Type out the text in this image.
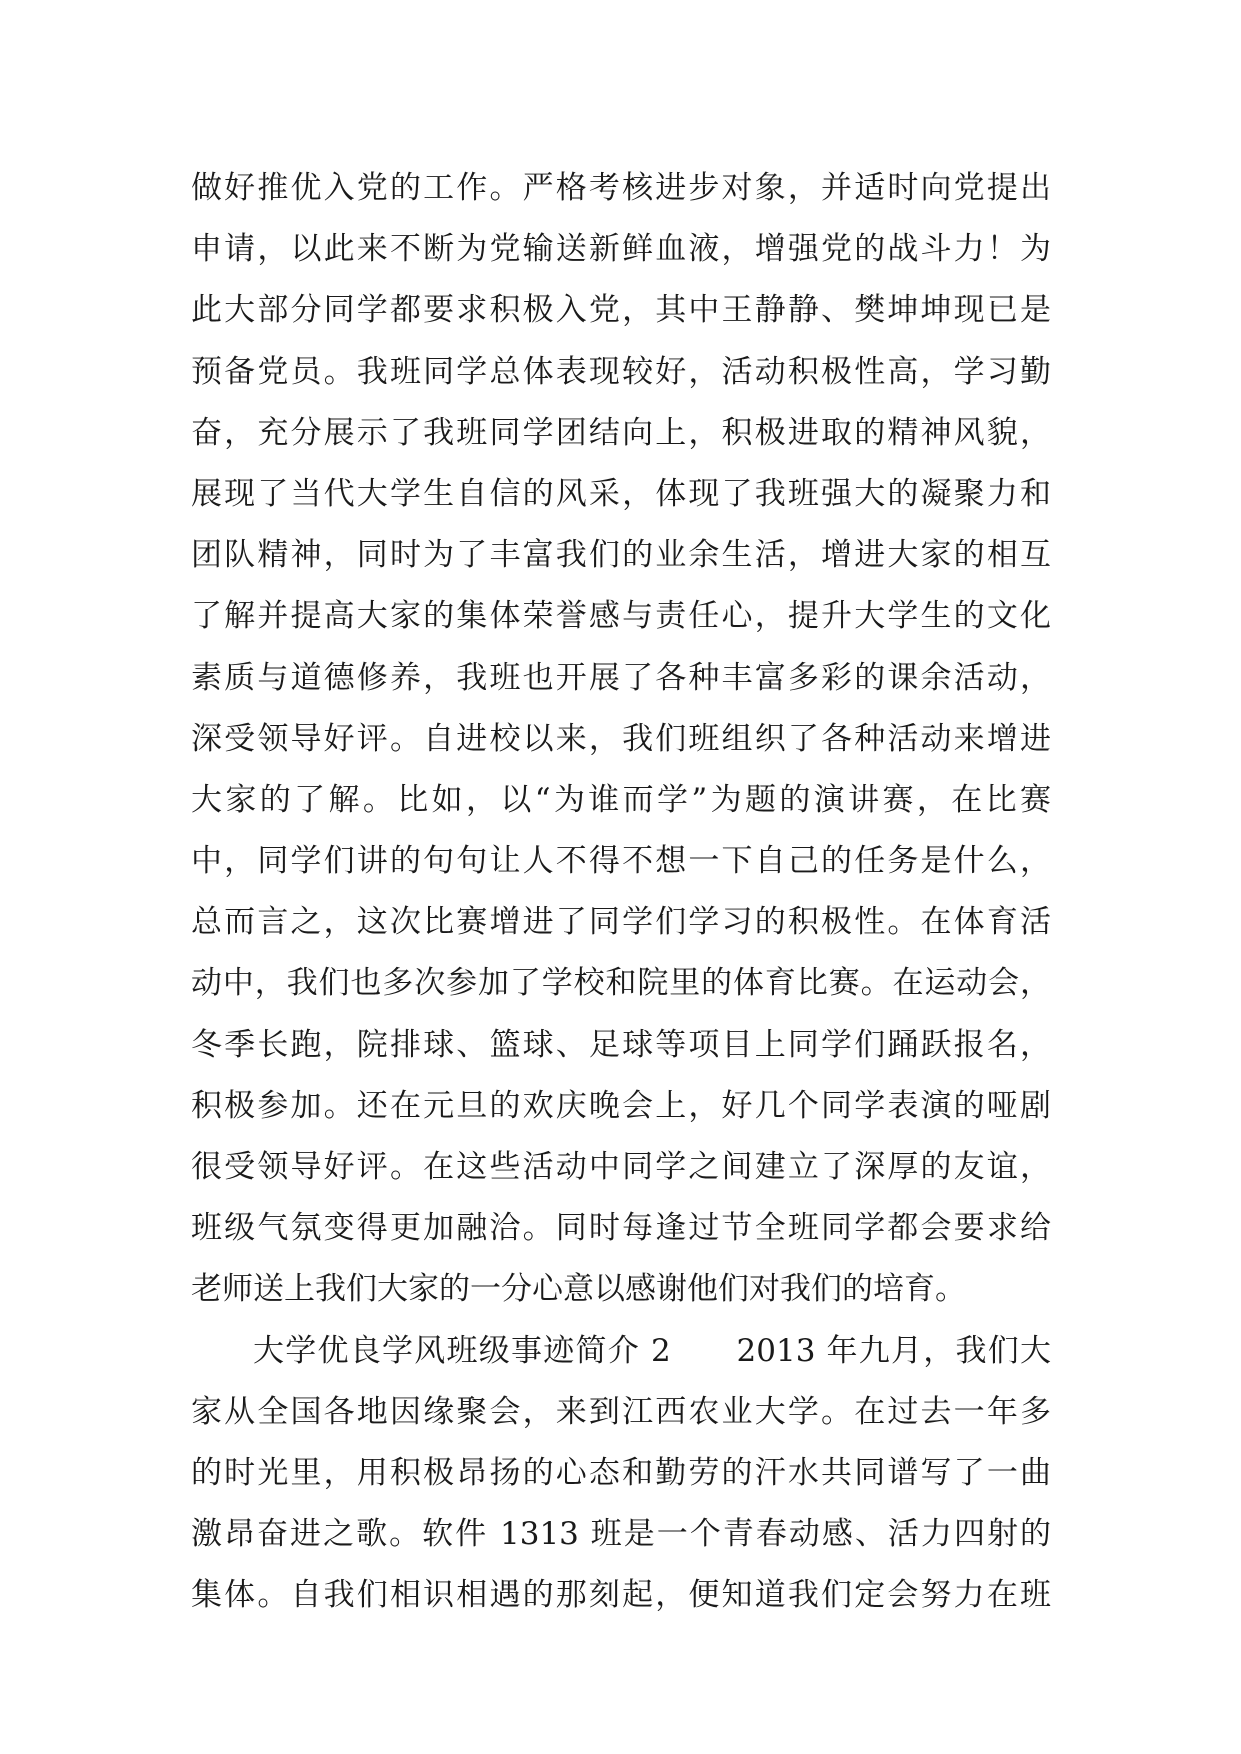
做好推优入党的工作。严格考核进步对象，并适时向党提出
申请，以此来不断为党输送新鲜血液，增强党的战斗力！为
此大部分同学都要求积极入党，其中王静静、樊坤坤现已是
预备党员。我班同学总体表现较好，活动积极性高，学习勤
奋，充分展示了我班同学团结向上，积极进取的精神风貌，
展现了当代大学生自信的风采，体现了我班强大的凝聚力和
团队精神，同时为了丰富我们的业余生活，增进大家的相互
了解并提高大家的集体荣誉感与责任心，提升大学生的文化
素质与道德修养，我班也开展了各种丰富多彩的课余活动，
深受领导好评。自进校以来，我们班组织了各种活动来增进
大家的了解。比如，以“为谁而学”为题的演讲赛，在比赛
中，同学们讲的句句让人不得不想一下自己的任务是什么，
总而言之，这次比赛增进了同学们学习的积极性。在体育活
动中，我们也多次参加了学校和院里的体育比赛。在运动会，
冬季长跑，院排球、篮球、足球等项目上同学们踊跃报名，
积极参加。还在元旦的欢庆晚会上，好几个同学表演的哑剧
很受领导好评。在这些活动中同学之间建立了深厚的友谊，
班级气氛变得更加融洽。同时每逢过节全班同学都会要求给
老师送上我们大家的一分心意以感谢他们对我们的培育。
大学优良学风班级事迹简介 2　　2013 年九月，我们大
家从全国各地因缘聚会，来到江西农业大学。在过去一年多
的时光里，用积极昂扬的心态和勤劳的汗水共同谱写了一曲
激昂奋进之歌。软件 1313 班是一个青春动感、活力四射的
集体。自我们相识相遇的那刻起，便知道我们定会努力在班
